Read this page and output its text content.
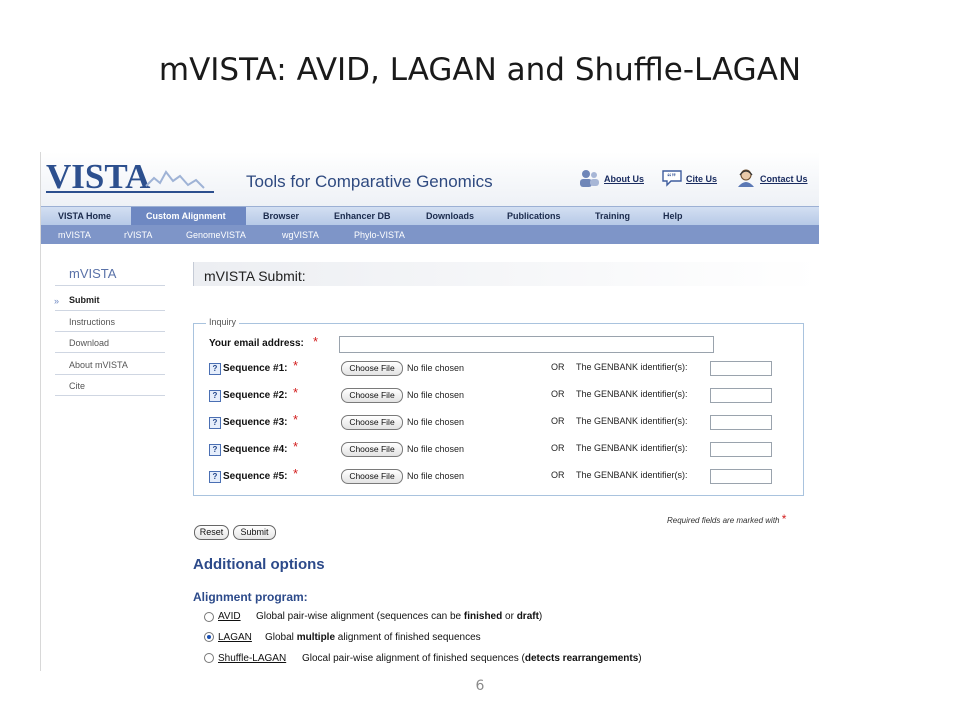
mVISTA: AVID, LAGAN and Shuffle-LAGAN
VISTA	Tools for Comparative Genomics	About Us	“” Cite Us	Contact Us
VISTA Home	Custom Alignment	Browser	Enhancer DB	Downloads	Publications	Training	Help
mVISTA	rVISTA	GenomeVISTA	wgVISTA	Phylo-VISTA
mVISTA
» Submit
Instructions
Download
About mVISTA
Cite
mVISTA Submit:
Inquiry
Your email address: *
? Sequence #1: *	Choose File	No file chosen	OR The GENBANK identifier(s):
? Sequence #2: *	Choose File	No file chosen	OR The GENBANK identifier(s):
? Sequence #3: *	Choose File	No file chosen	OR The GENBANK identifier(s):
? Sequence #4: *	Choose File	No file chosen	OR The GENBANK identifier(s):
? Sequence #5: *	Choose File	No file chosen	OR The GENBANK identifier(s):
Required fields are marked with *
Reset	Submit
Additional options
Alignment program:
AVID Global pair-wise alignment (sequences can be finished or draft)
LAGAN Global multiple alignment of finished sequences
Shuffle-LAGAN Glocal pair-wise alignment of finished sequences (detects rearrangements)
6
